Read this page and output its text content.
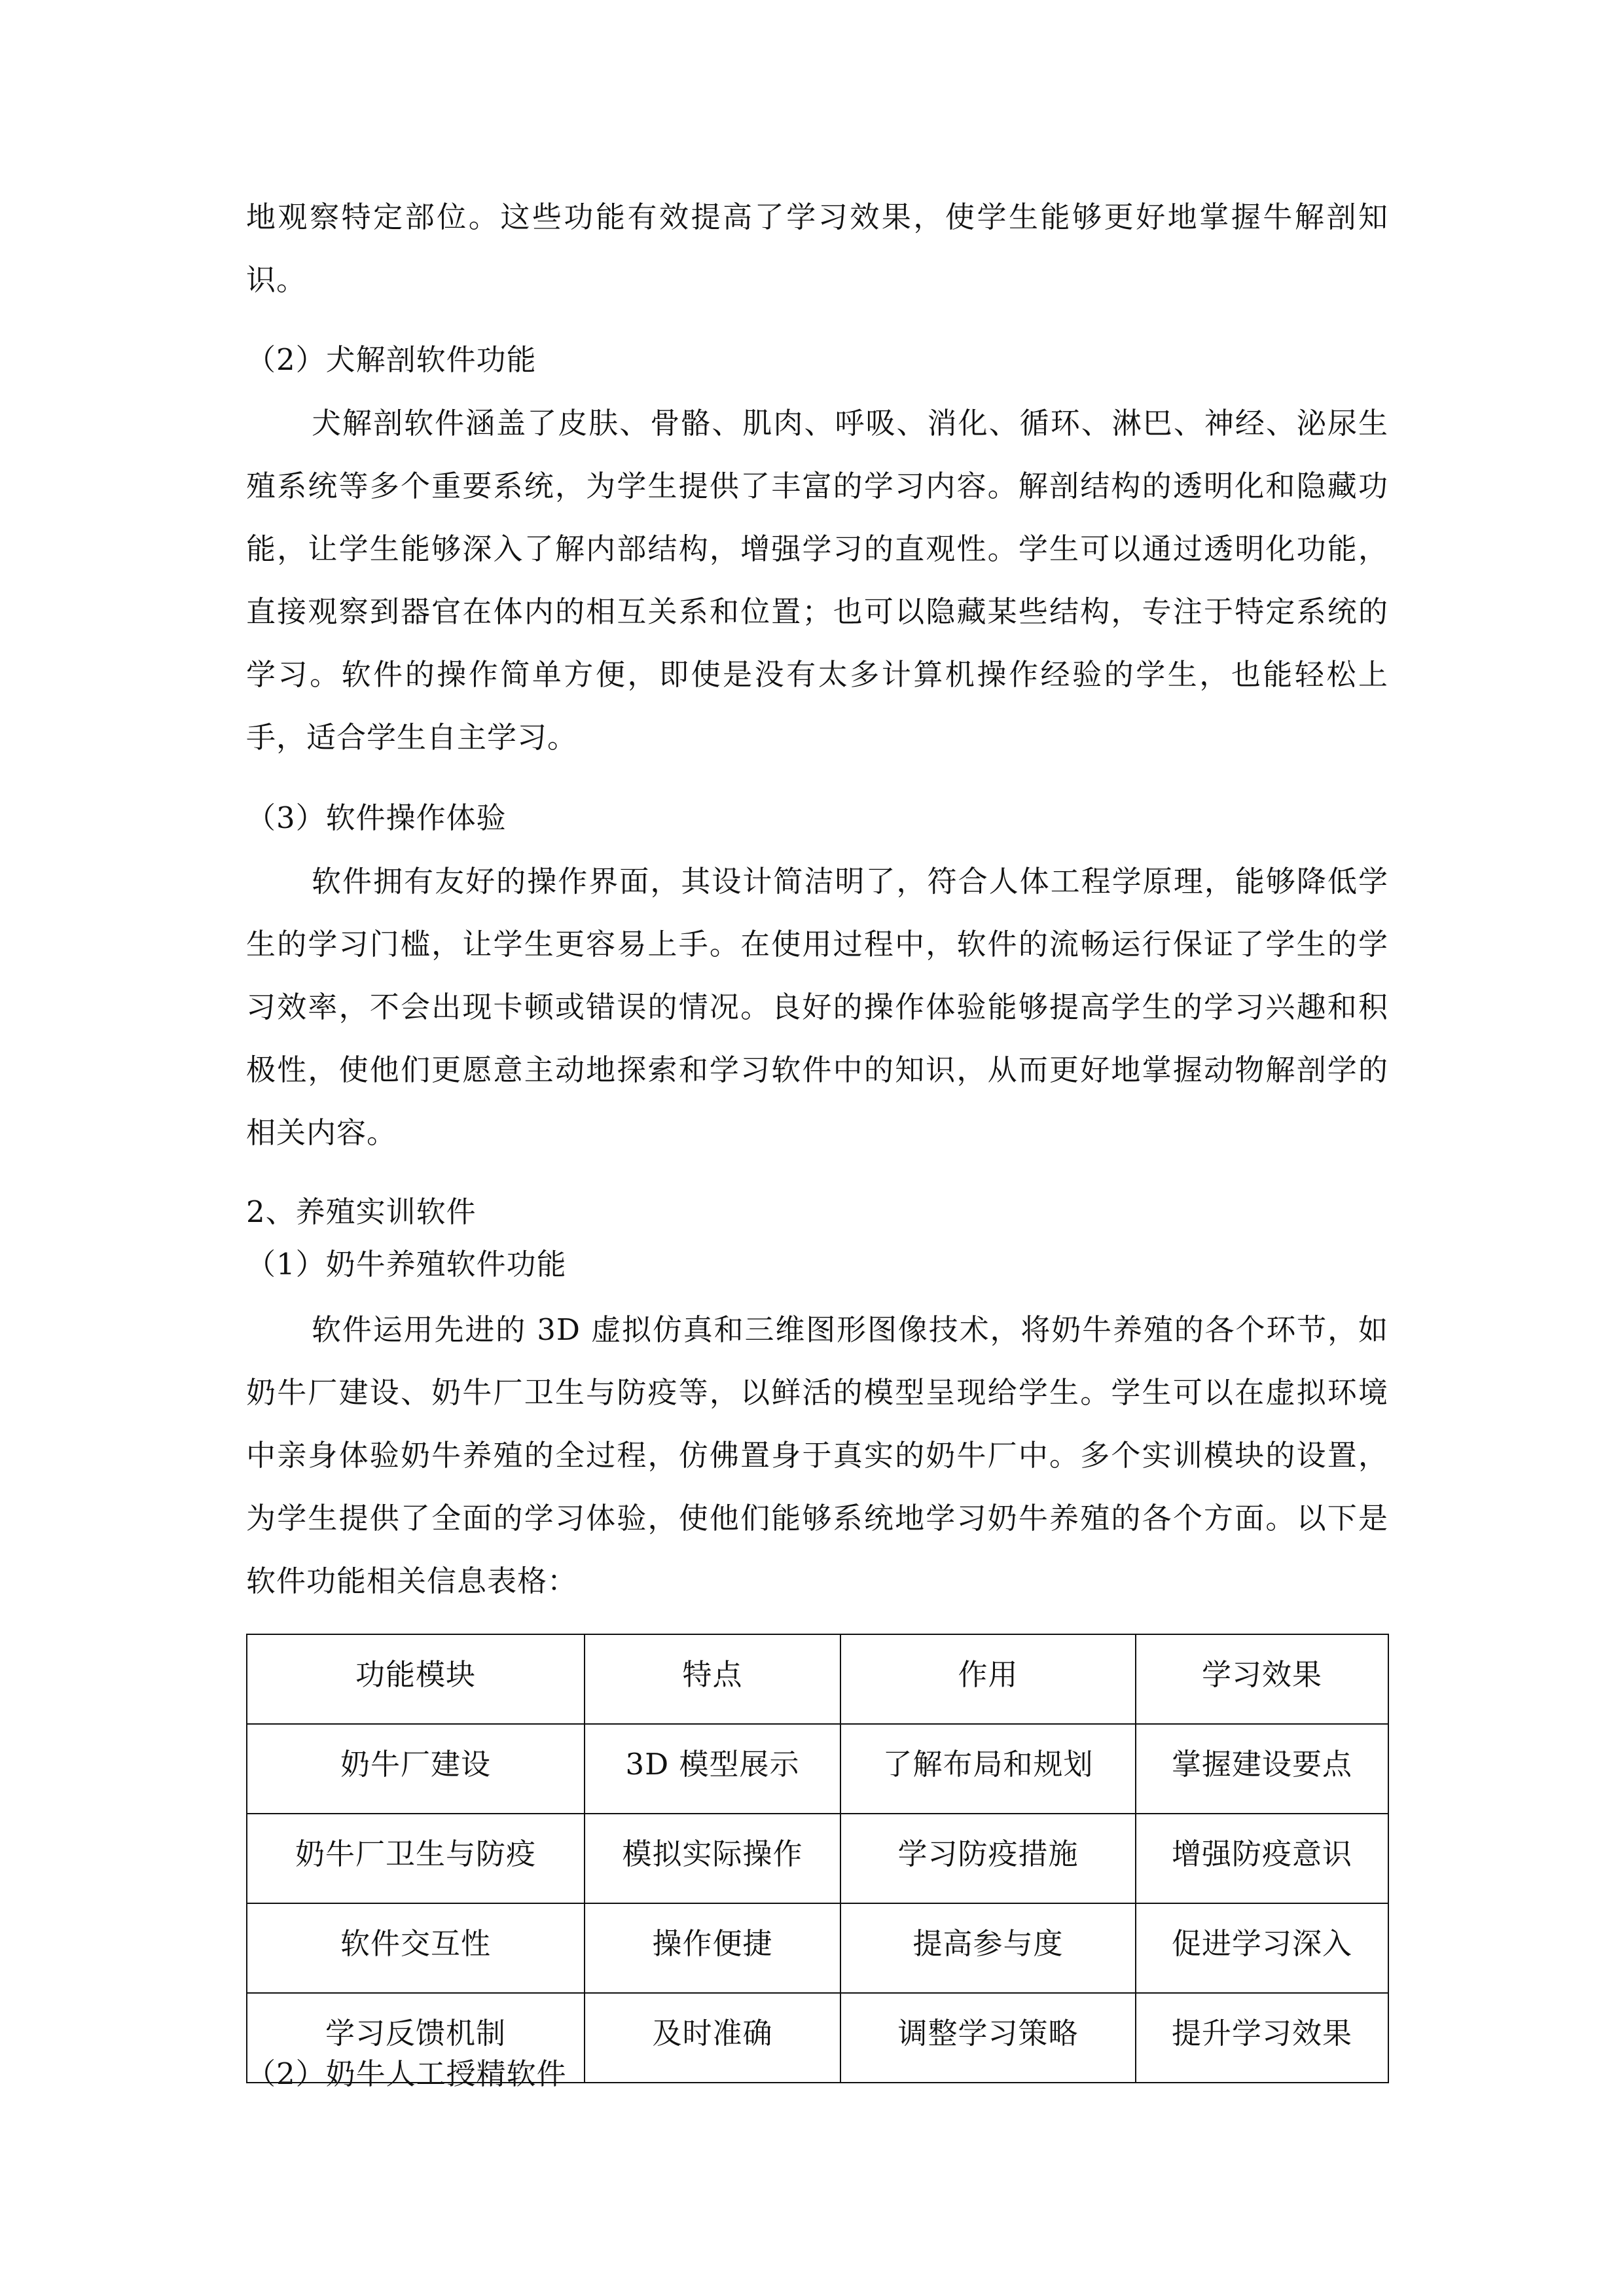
地观察特定部位。这些功能有效提高了学习效果，使学生能够更好地掌握牛解剖知识。

（2）犬解剖软件功能

犬解剖软件涵盖了皮肤、骨骼、肌肉、呼吸、消化、循环、淋巴、神经、泌尿生殖系统等多个重要系统，为学生提供了丰富的学习内容。解剖结构的透明化和隐藏功能，让学生能够深入了解内部结构，增强学习的直观性。学生可以通过透明化功能，直接观察到器官在体内的相互关系和位置；也可以隐藏某些结构，专注于特定系统的学习。软件的操作简单方便，即使是没有太多计算机操作经验的学生，也能轻松上手，适合学生自主学习。

（3）软件操作体验

软件拥有友好的操作界面，其设计简洁明了，符合人体工程学原理，能够降低学生的学习门槛，让学生更容易上手。在使用过程中，软件的流畅运行保证了学生的学习效率，不会出现卡顿或错误的情况。良好的操作体验能够提高学生的学习兴趣和积极性，使他们更愿意主动地探索和学习软件中的知识，从而更好地掌握动物解剖学的相关内容。

2、养殖实训软件

（1）奶牛养殖软件功能

软件运用先进的 3D 虚拟仿真和三维图形图像技术，将奶牛养殖的各个环节，如奶牛厂建设、奶牛厂卫生与防疫等，以鲜活的模型呈现给学生。学生可以在虚拟环境中亲身体验奶牛养殖的全过程，仿佛置身于真实的奶牛厂中。多个实训模块的设置，为学生提供了全面的学习体验，使他们能够系统地学习奶牛养殖的各个方面。以下是软件功能相关信息表格：

功能模块	特点	作用	学习效果
奶牛厂建设	3D 模型展示	了解布局和规划	掌握建设要点
奶牛厂卫生与防疫	模拟实际操作	学习防疫措施	增强防疫意识
软件交互性	操作便捷	提高参与度	促进学习深入
学习反馈机制	及时准确	调整学习策略	提升学习效果

（2）奶牛人工授精软件
